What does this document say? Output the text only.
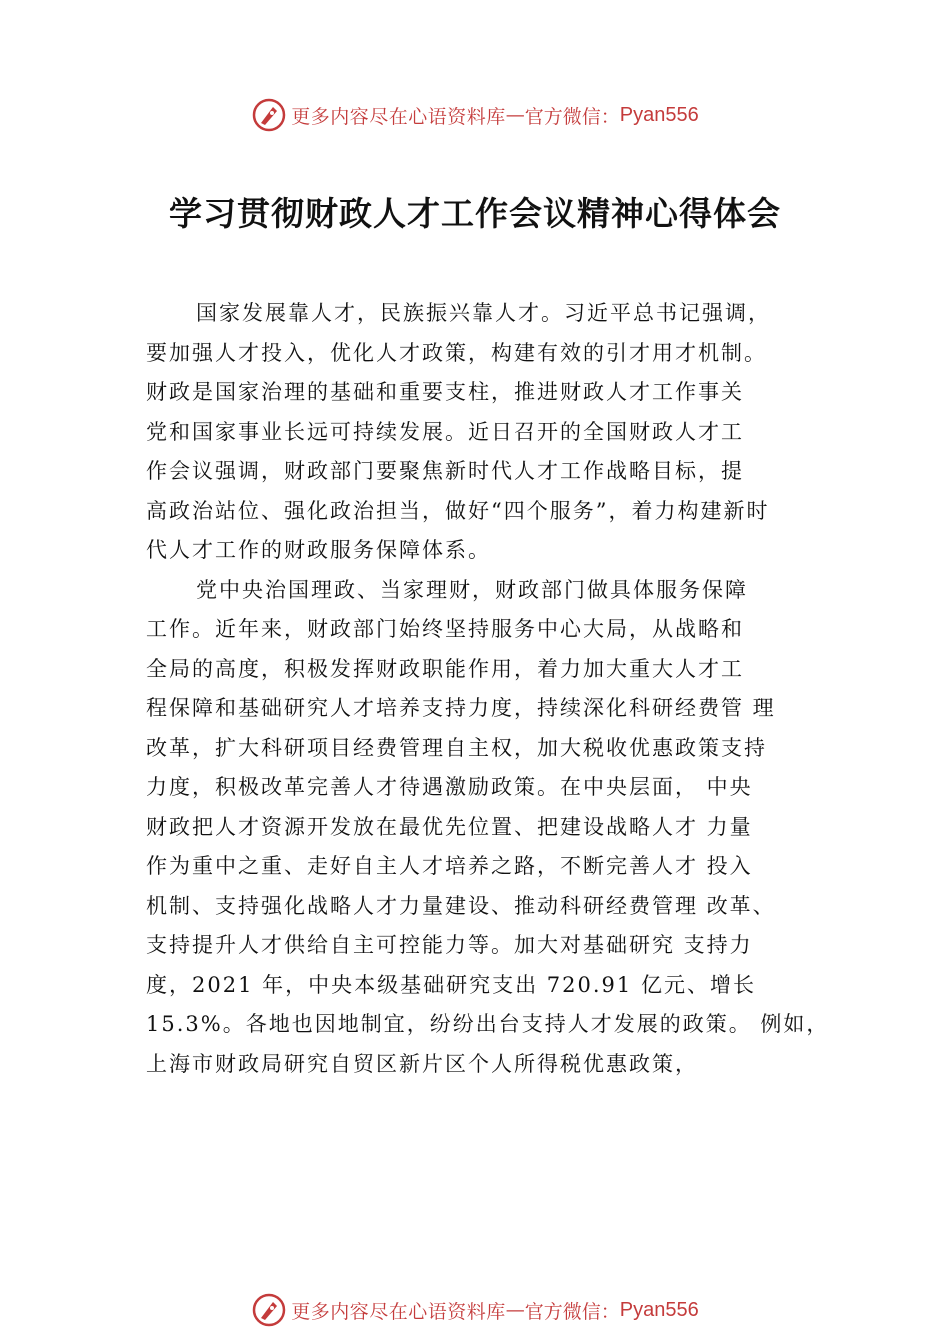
更多内容尽在心语资料库 — 官方微信： Pyan556
学习贯彻财政人才工作会议精神心得体会
国家发展靠人才，民族振兴靠人才。习近平总书记强调，
要加强人才投入，优化人才政策，构建有效的引才用才机制。
财政是国家治理的基础和重要支柱，推进财政人才工作事关
党和国家事业长远可持续发展。近日召开的全国财政人才工
作会议强调，财政部门要聚焦新时代人才工作战略目标，提
高政治站位、强化政治担当，做好“四个服务”，着力构建新时
代人才工作的财政服务保障体系。
党中央治国理政、当家理财，财政部门做具体服务保障
工作。近年来，财政部门始终坚持服务中心大局，从战略和
全局的高度，积极发挥财政职能作用，着力加大重大人才工
程保障和基础研究人才培养支持力度，持续深化科研经费管 理
改革，扩大科研项目经费管理自主权，加大税收优惠政策支持
力度，积极改革完善人才待遇激励政策。在中央层面， 中央
财政把人才资源开发放在最优先位置、把建设战略人才 力量
作为重中之重、走好自主人才培养之路，不断完善人才 投入
机制、支持强化战略人才力量建设、推动科研经费管理 改革、
支持提升人才供给自主可控能力等。加大对基础研究 支持力
度，2021 年，中央本级基础研究支出 720.91 亿元、增长
15.3%。各地也因地制宜，纷纷出台支持人才发展的政策。 例如，
上海市财政局研究自贸区新片区个人所得税优惠政策，
更多内容尽在心语资料库 — 官方微信： Pyan556
